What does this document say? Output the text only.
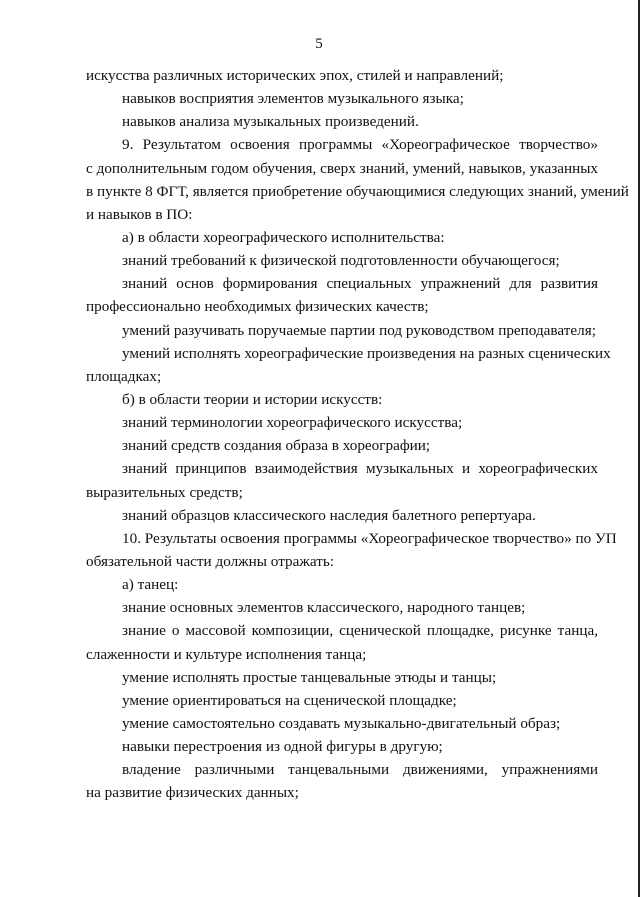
5
искусства различных исторических эпох, стилей и направлений;
навыков восприятия элементов музыкального языка;
навыков анализа музыкальных произведений.
9. Результатом освоения программы «Хореографическое творчество»
с дополнительным годом обучения, сверх знаний, умений, навыков, указанных
в пункте 8 ФГТ, является приобретение обучающимися следующих знаний, умений
и навыков в ПО:
а) в области хореографического исполнительства:
знаний требований к физической подготовленности обучающегося;
знаний основ формирования специальных упражнений для развития
профессионально необходимых физических качеств;
умений разучивать поручаемые партии под руководством преподавателя;
умений исполнять хореографические произведения на разных сценических
площадках;
б) в области теории и истории искусств:
знаний терминологии хореографического искусства;
знаний средств создания образа в хореографии;
знаний принципов взаимодействия музыкальных и хореографических
выразительных средств;
знаний образцов классического наследия балетного репертуара.
10. Результаты освоения программы «Хореографическое творчество» по УП
обязательной части должны отражать:
а) танец:
знание основных элементов классического, народного танцев;
знание о массовой композиции, сценической площадке, рисунке танца,
слаженности и культуре исполнения танца;
умение исполнять простые танцевальные этюды и танцы;
умение ориентироваться на сценической площадке;
умение самостоятельно создавать музыкально-двигательный образ;
навыки перестроения из одной фигуры в другую;
владение различными танцевальными движениями, упражнениями
на развитие физических данных;
